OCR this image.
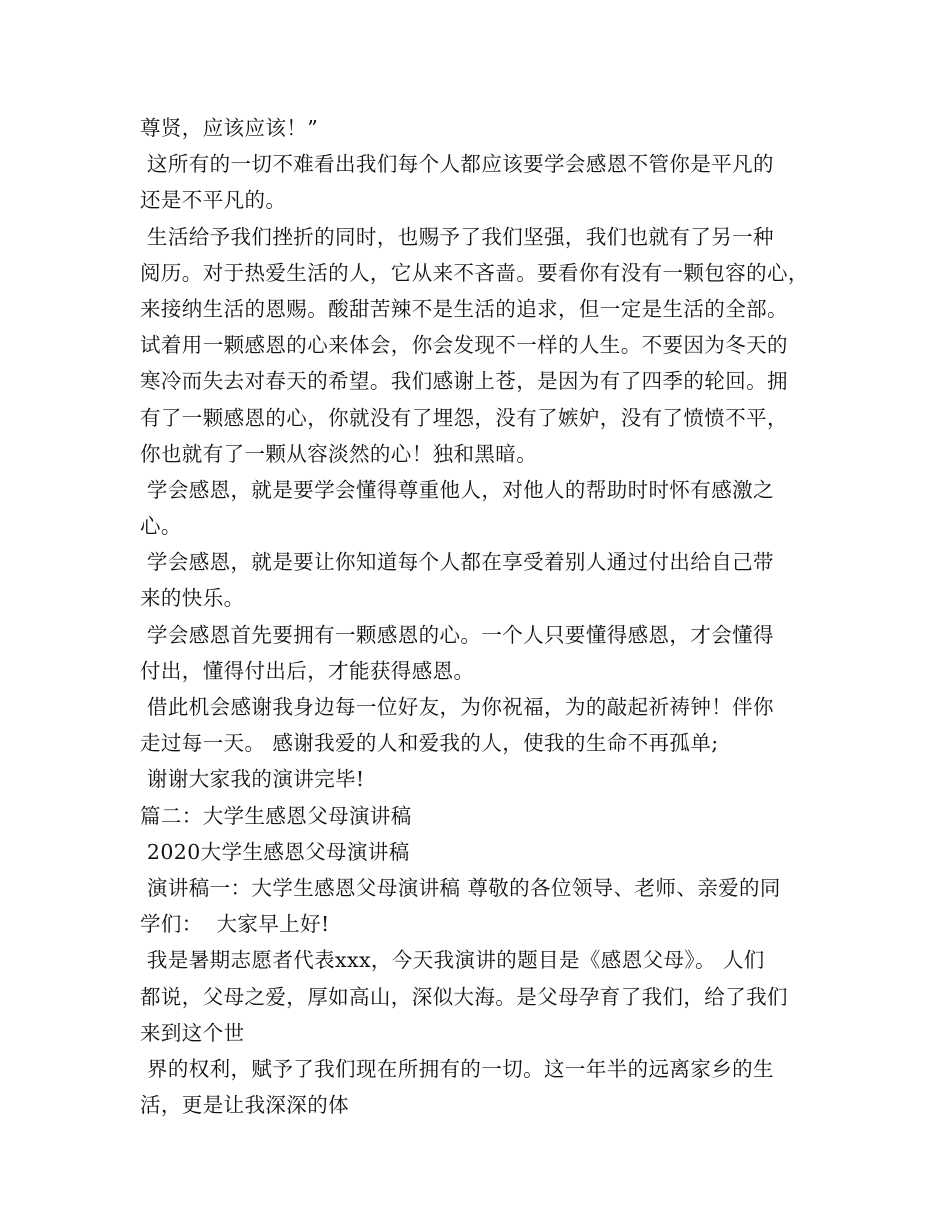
尊贤，应该应该！”
这所有的一切不难看出我们每个人都应该要学会感恩不管你是平凡的
还是不平凡的。
生活给予我们挫折的同时，也赐予了我们坚强，我们也就有了另一种
阅历。对于热爱生活的人，它从来不吝啬。要看你有没有一颗包容的心，
来接纳生活的恩赐。酸甜苦辣不是生活的追求，但一定是生活的全部。
试着用一颗感恩的心来体会，你会发现不一样的人生。不要因为冬天的
寒冷而失去对春天的希望。我们感谢上苍，是因为有了四季的轮回。拥
有了一颗感恩的心，你就没有了埋怨，没有了嫉妒，没有了愤愤不平，
你也就有了一颗从容淡然的心！独和黑暗。
学会感恩，就是要学会懂得尊重他人，对他人的帮助时时怀有感激之
心。
学会感恩，就是要让你知道每个人都在享受着别人通过付出给自己带
来的快乐。
学会感恩首先要拥有一颗感恩的心。一个人只要懂得感恩，才会懂得
付出，懂得付出后，才能获得感恩。
借此机会感谢我身边每一位好友，为你祝福，为的敲起祈祷钟！伴你
走过每一天。 感谢我爱的人和爱我的人，使我的生命不再孤单;
谢谢大家我的演讲完毕!
篇二：大学生感恩父母演讲稿
2020大学生感恩父母演讲稿
演讲稿一：大学生感恩父母演讲稿 尊敬的各位领导、老师、亲爱的同
学们：  大家早上好!
我是暑期志愿者代表xxx，今天我演讲的题目是《感恩父母》。 人们
都说，父母之爱，厚如高山，深似大海。是父母孕育了我们，给了我们
来到这个世
界的权利，赋予了我们现在所拥有的一切。这一年半的远离家乡的生
活，更是让我深深的体
